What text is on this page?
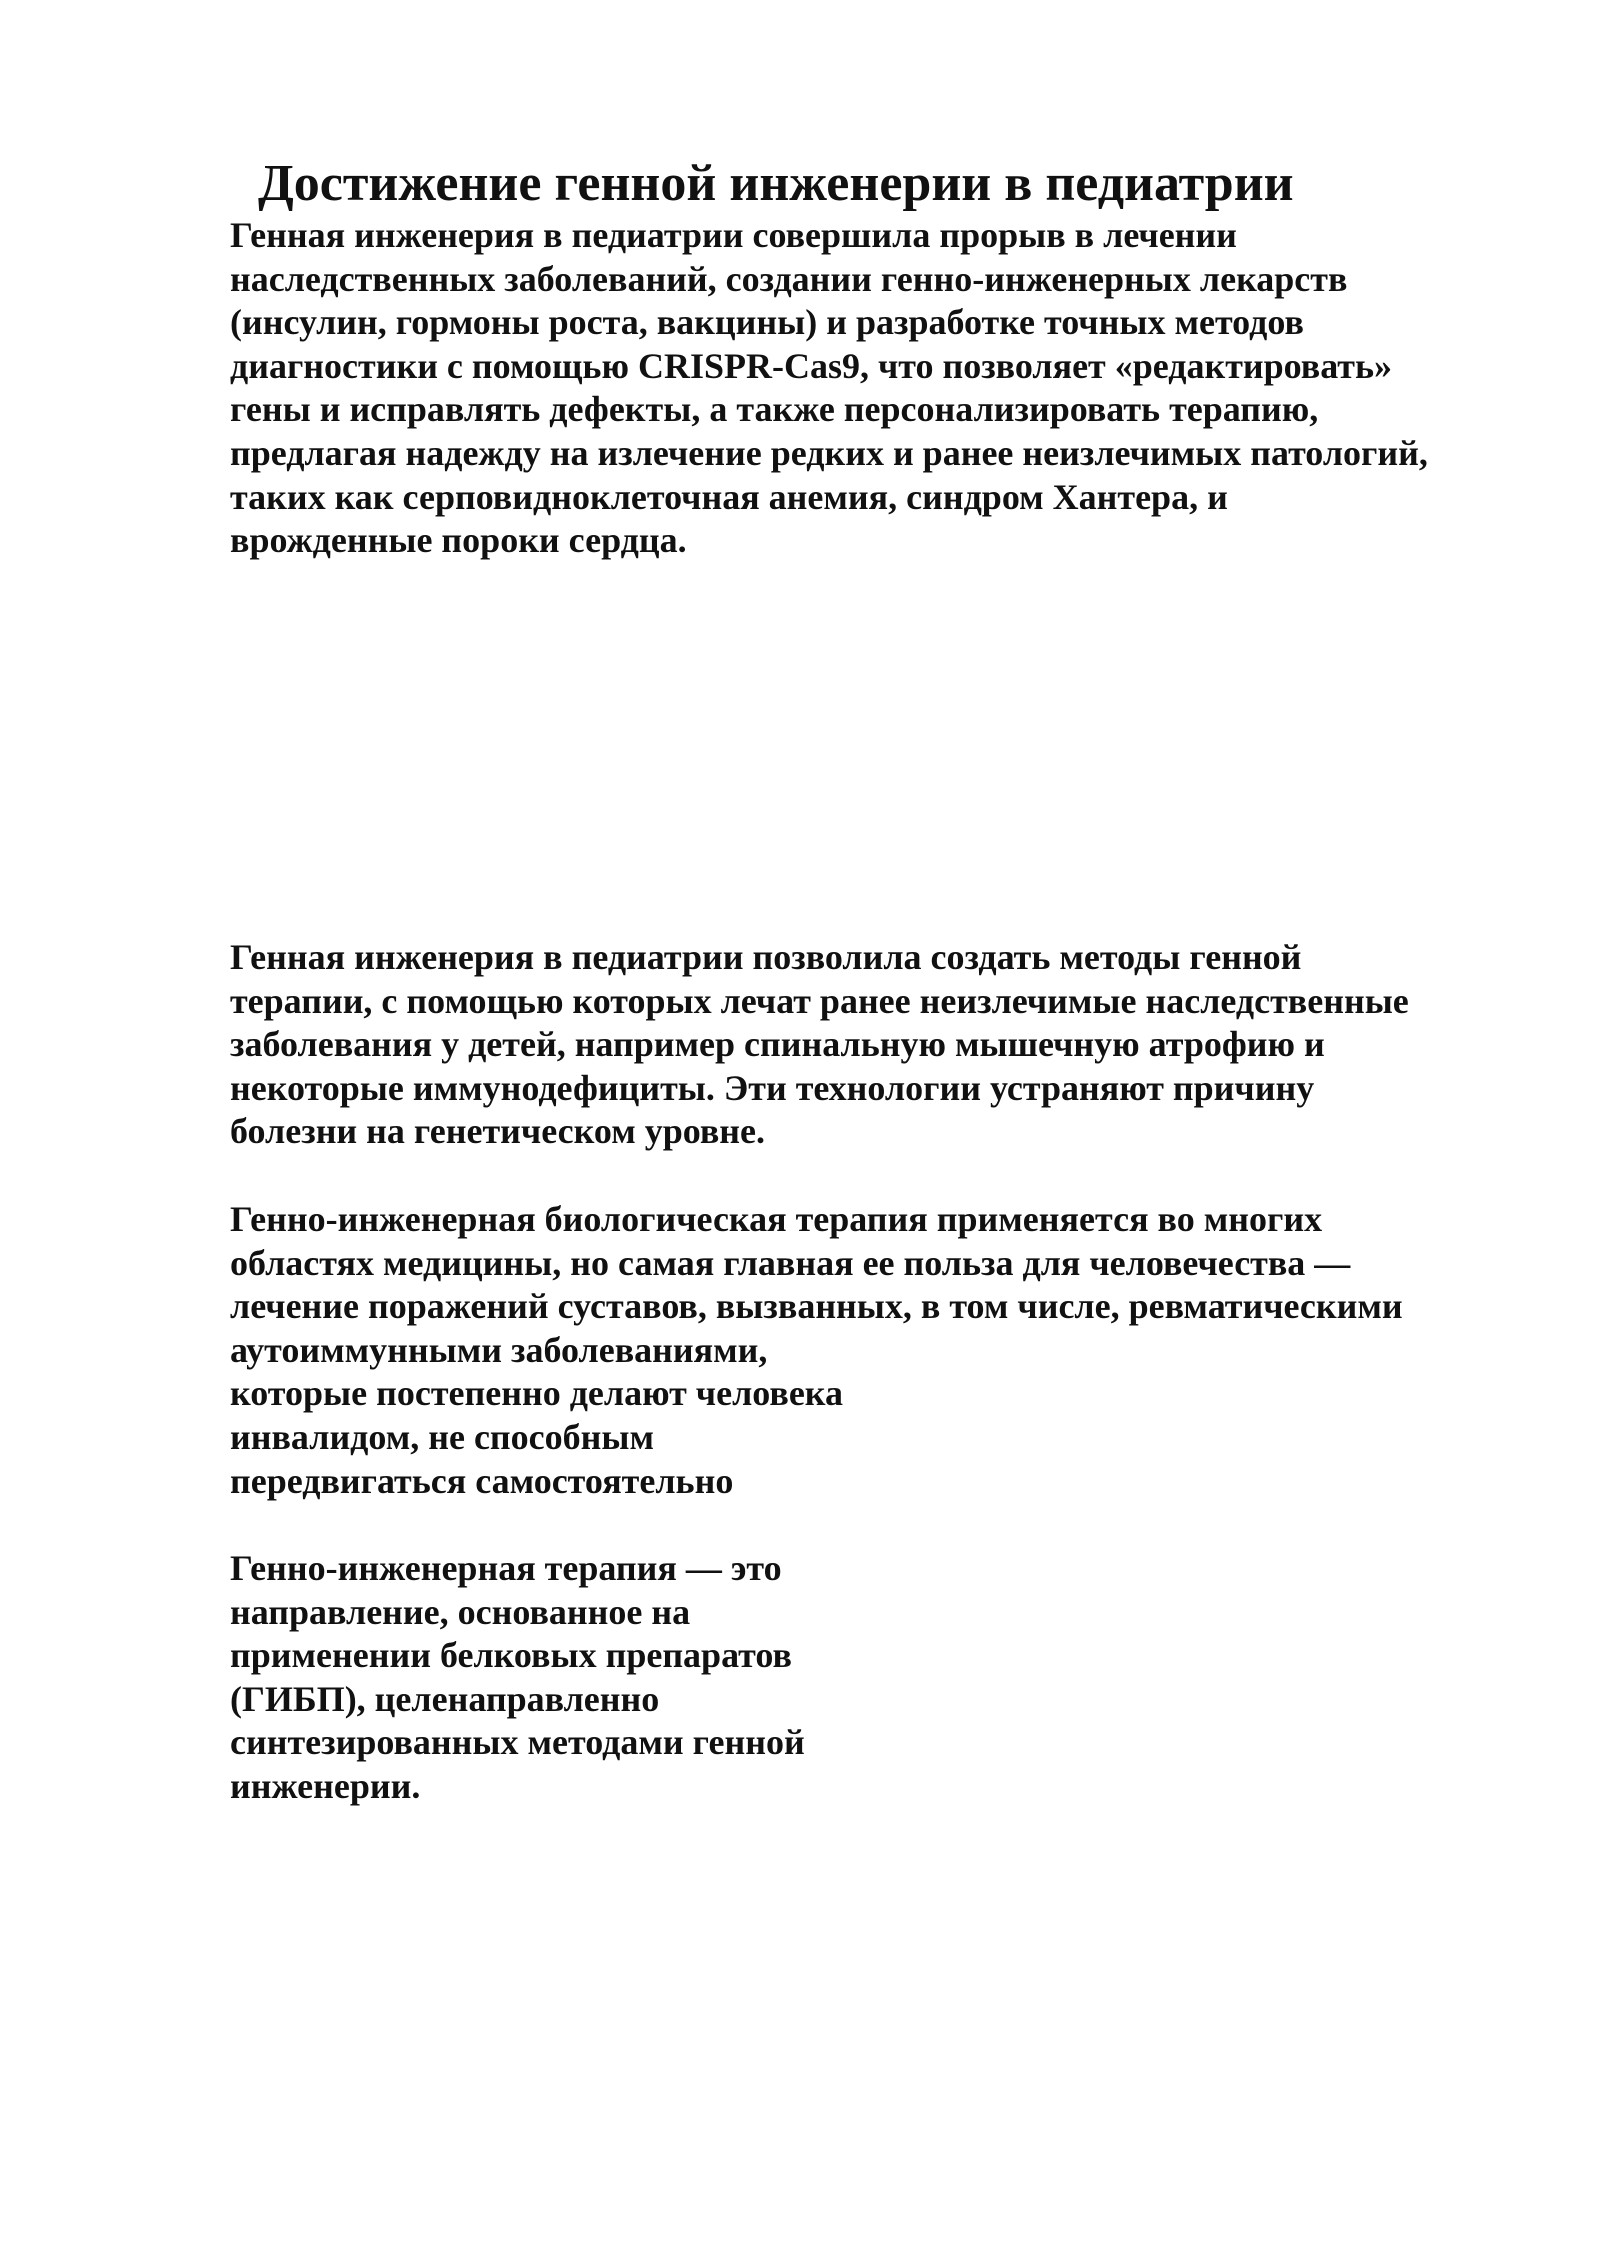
Достижение генной инженерии в педиатрии

Генная инженерия в педиатрии совершила прорыв в лечении
наследственных заболеваний, создании генно-инженерных лекарств
(инсулин, гормоны роста, вакцины) и разработке точных методов
диагностики с помощью CRISPR-Cas9, что позволяет «редактировать»
гены и исправлять дефекты, а также персонализировать терапию,
предлагая надежду на излечение редких и ранее неизлечимых патологий,
таких как серповидноклеточная анемия, синдром Хантера, и
врожденные пороки сердца.

Генная инженерия в педиатрии позволила создать методы генной
терапии, с помощью которых лечат ранее неизлечимые наследственные
заболевания у детей, например спинальную мышечную атрофию и
некоторые иммунодефициты. Эти технологии устраняют причину
болезни на генетическом уровне.

Генно-инженерная биологическая терапия применяется во многих
областях медицины, но самая главная ее польза для человечества —
лечение поражений суставов, вызванных, в том числе, ревматическими
аутоиммунными заболеваниями,
которые постепенно делают человека
инвалидом, не способным
передвигаться самостоятельно

Генно-инженерная терапия — это
направление, основанное на
применении белковых препаратов
(ГИБП), целенаправленно
синтезированных методами генной
инженерии.
